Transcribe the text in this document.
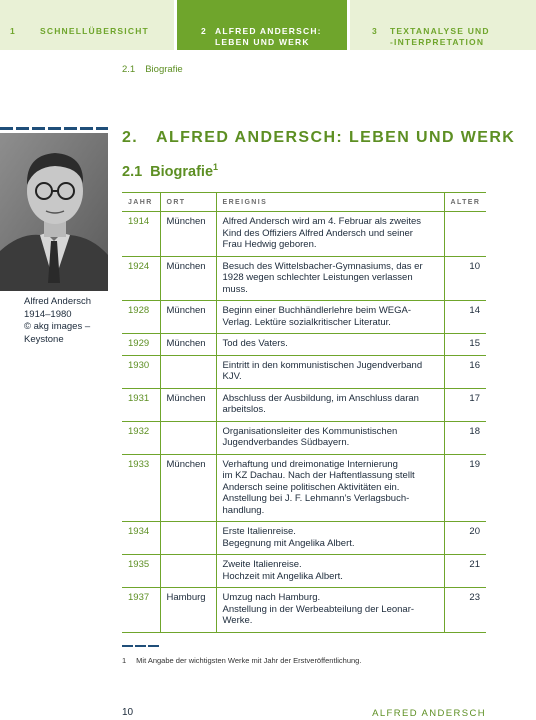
1	SCHNELLÜBERSICHT	2 ALFRED ANDERSCH:
LEBEN UND WERK
3 TEXTANALYSE UND
-INTERPRETATION
2.1 Biografie
Alfred Andersch
1914–1980
© akg images –
Keystone
2. ALFRED ANDERSCH: LEBEN UND WERK
2.1 Biografie$^1$
JAHR	ORT	EREIGNIS	ALTER
1914	München	Alfred Andersch wird am 4. Februar als zweites
Kind des Offiziers Alfred Andersch und seiner
Frau Hedwig geboren.	

1924	München	Besuch des Wittelsbacher-Gymnasiums, das er
1928 wegen schlechter Leistungen verlassen
muss.	10
1928	München	Beginn einer Buchhändlerlehre beim WEGA-
Verlag. Lektüre sozialkritischer Literatur.	14
1929	München	Tod des Vaters.	15
1930		Eintritt in den kommunistischen Jugendverband
KJV.	16
1931	München	Abschluss der Ausbildung, im Anschluss daran
arbeitslos.	17
1932		Organisationsleiter des Kommunistischen
Jugendverbandes Südbayern.	18
1933	München	Verhaftung und dreimonatige Internierung
im KZ Dachau. Nach der Haftentlassung stellt
Andersch seine politischen Aktivitäten ein.
Anstellung bei J. F. Lehmann’s Verlagsbuch-
handlung.	19
1934		Erste Italienreise.
Begegnung mit Angelika Albert.	20
1935		Zweite Italienreise.
Hochzeit mit Angelika Albert.	21
1937	Hamburg	Umzug nach Hamburg.
Anstellung in der Werbeabteilung der Leonar-
Werke.	23
1 Mit Angabe der wichtigsten Werke mit Jahr der Erstveröffentlichung.
10	ALFRED ANDERSCH
